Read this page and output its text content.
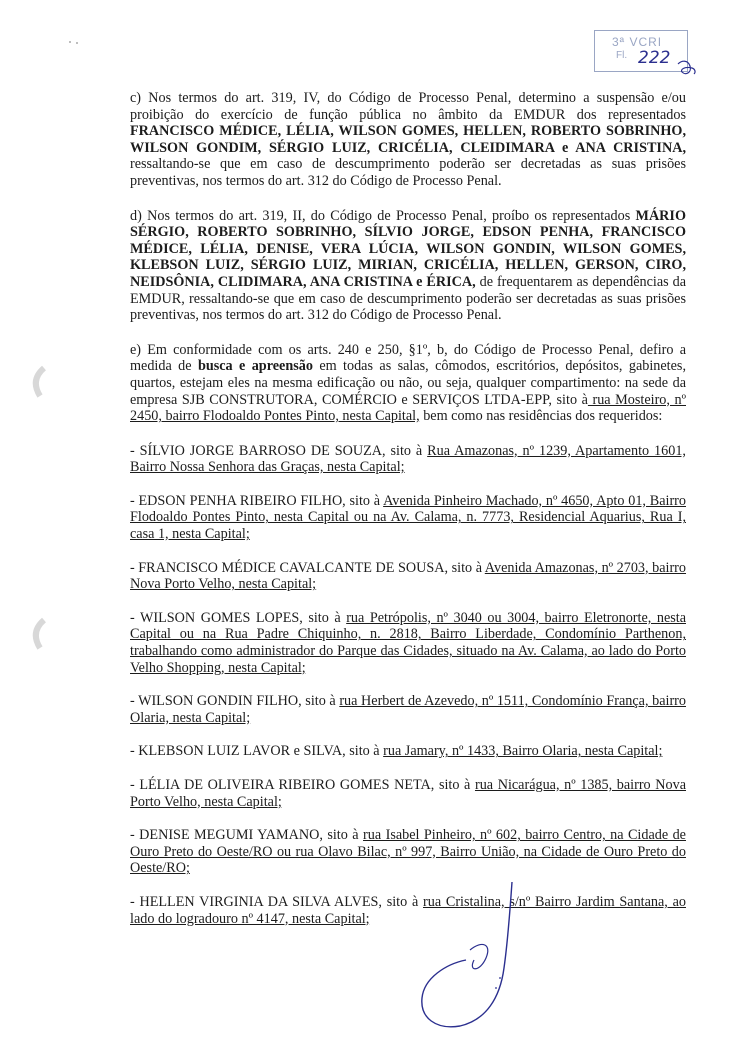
3ª VCRI
Fl. 222

c) Nos termos do art. 319, IV, do Código de Processo Penal, determino a suspensão e/ou proibição do exercício de função pública no âmbito da EMDUR dos representados FRANCISCO MÉDICE, LÉLIA, WILSON GOMES, HELLEN, ROBERTO SOBRINHO, WILSON GONDIM, SÉRGIO LUIZ, CRICÉLIA, CLEIDIMARA e ANA CRISTINA, ressaltando-se que em caso de descumprimento poderão ser decretadas as suas prisões preventivas, nos termos do art. 312 do Código de Processo Penal.

d) Nos termos do art. 319, II, do Código de Processo Penal, proíbo os representados MÁRIO SÉRGIO, ROBERTO SOBRINHO, SÍLVIO JORGE, EDSON PENHA, FRANCISCO MÉDICE, LÉLIA, DENISE, VERA LÚCIA, WILSON GONDIN, WILSON GOMES, KLEBSON LUIZ, SÉRGIO LUIZ, MIRIAN, CRICÉLIA, HELLEN, GERSON, CIRO, NEIDSÔNIA, CLIDIMARA, ANA CRISTINA e ÉRICA, de frequentarem as dependências da EMDUR, ressaltando-se que em caso de descumprimento poderão ser decretadas as suas prisões preventivas, nos termos do art. 312 do Código de Processo Penal.

e) Em conformidade com os arts. 240 e 250, §1º, b, do Código de Processo Penal, defiro a medida de busca e apreensão em todas as salas, cômodos, escritórios, depósitos, gabinetes, quartos, estejam eles na mesma edificação ou não, ou seja, qualquer compartimento: na sede da empresa SJB CONSTRUTORA, COMÉRCIO e SERVIÇOS LTDA-EPP, sito à rua Mosteiro, nº 2450, bairro Flodoaldo Pontes Pinto, nesta Capital, bem como nas residências dos requeridos:

- SÍLVIO JORGE BARROSO DE SOUZA, sito à Rua Amazonas, nº 1239, Apartamento 1601, Bairro Nossa Senhora das Graças, nesta Capital;

- EDSON PENHA RIBEIRO FILHO, sito à Avenida Pinheiro Machado, nº 4650, Apto 01, Bairro Flodoaldo Pontes Pinto, nesta Capital ou na Av. Calama, n. 7773, Residencial Aquarius, Rua I, casa 1, nesta Capital;

- FRANCISCO MÉDICE CAVALCANTE DE SOUSA, sito à Avenida Amazonas, nº 2703, bairro Nova Porto Velho, nesta Capital;

- WILSON GOMES LOPES, sito à rua Petrópolis, nº 3040 ou 3004, bairro Eletronorte, nesta Capital ou na Rua Padre Chiquinho, n. 2818, Bairro Liberdade, Condomínio Parthenon, trabalhando como administrador do Parque das Cidades, situado na Av. Calama, ao lado do Porto Velho Shopping, nesta Capital;

- WILSON GONDIN FILHO, sito à rua Herbert de Azevedo, nº 1511, Condomínio França, bairro Olaria, nesta Capital;

- KLEBSON LUIZ LAVOR e SILVA, sito à rua Jamary, nº 1433, Bairro Olaria, nesta Capital;

- LÉLIA DE OLIVEIRA RIBEIRO GOMES NETA, sito à rua Nicarágua, nº 1385, bairro Nova Porto Velho, nesta Capital;

- DENISE MEGUMI YAMANO, sito à rua Isabel Pinheiro, nº 602, bairro Centro, na Cidade de Ouro Preto do Oeste/RO ou rua Olavo Bilac, nº 997, Bairro União, na Cidade de Ouro Preto do Oeste/RO;

- HELLEN VIRGINIA DA SILVA ALVES, sito à rua Cristalina, s/nº Bairro Jardim Santana, ao lado do logradouro nº 4147, nesta Capital;
